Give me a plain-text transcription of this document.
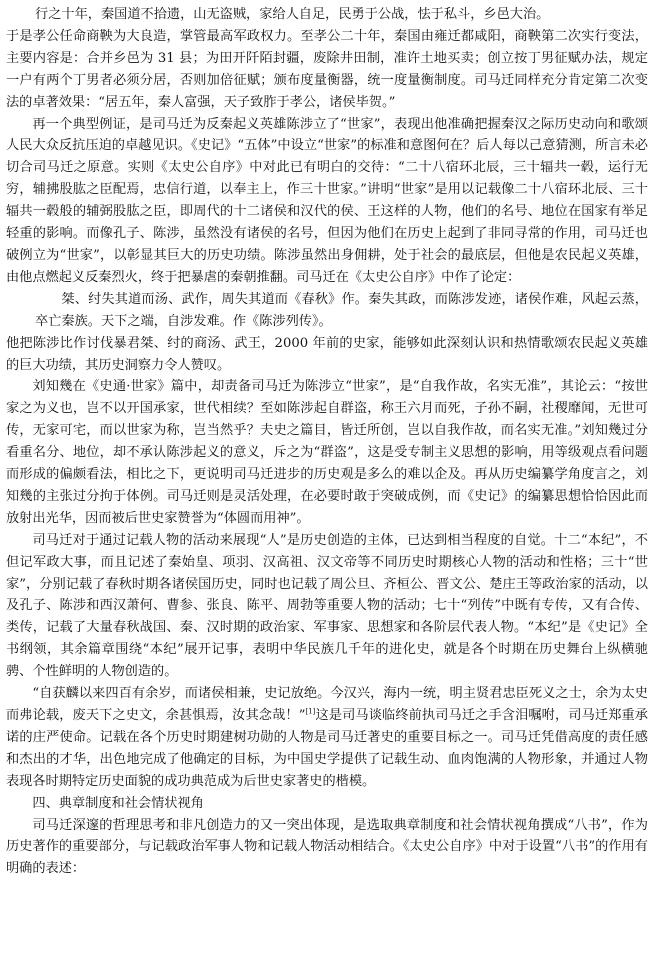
行之十年，秦国道不拾遗，山无盗贼，家给人自足，民勇于公战，怯于私斗，乡邑大治。

于是孝公任命商鞅为大良造，掌管最高军政权力。至孝公二十年，秦国由雍迁都咸阳，商鞅第二次实行变法，主要内容是：合并乡邑为 31 县；为田开阡陌封疆，废除井田制，准许土地买卖；创立按丁男征赋办法，规定一户有两个丁男者必须分居，否则加倍征赋；颁布度量衡器，统一度量衡制度。司马迁同样充分肯定第二次变法的卓著效果：“居五年，秦人富强，天子致胙于孝公，诸侯毕贺。”

再一个典型例证，是司马迁为反秦起义英雄陈涉立了“世家”，表现出他准确把握秦汉之际历史动向和歌颂人民大众反抗压迫的卓越见识。《史记》“五体”中设立“世家”的标准和意图何在？后人每以己意猜测，所言未必切合司马迁之原意。实则《太史公自序》中对此已有明白的交待：“二十八宿环北辰，三十辐共一毂，运行无穷，辅拂股肱之臣配焉，忠信行道，以奉主上，作三十世家。”讲明“世家”是用以记载像二十八宿环北辰、三十辐共一毂般的辅弼股肱之臣，即周代的十二诸侯和汉代的侯、王这样的人物，他们的名号、地位在国家有举足轻重的影响。而像孔子、陈涉，虽然没有诸侯的名号，但因为他们在历史上起到了非同寻常的作用，司马迁也破例立为“世家”，以彰显其巨大的历史功绩。陈涉虽然出身佣耕，处于社会的最底层，但他是农民起义英雄，由他点燃起义反秦烈火，终于把暴虐的秦朝推翻。司马迁在《太史公自序》中作了论定：

桀、纣失其道而汤、武作，周失其道而《春秋》作。秦失其政，而陈涉发迹，诸侯作难，风起云蒸，卒亡秦族。天下之端，自涉发难。作《陈涉列传》。

他把陈涉比作讨伐暴君桀、纣的商汤、武王，2000 年前的史家，能够如此深刻认识和热情歌颂农民起义英雄的巨大功绩，其历史洞察力令人赞叹。

刘知幾在《史通·世家》篇中，却责备司马迁为陈涉立“世家”，是“自我作故，名实无准”，其论云：“按世家之为义也，岂不以开国承家，世代相续？至如陈涉起自群盗，称王六月而死，子孙不嗣，社稷靡闻，无世可传，无家可宅，而以世家为称，岂当然乎？夫史之篇目，皆迁所创，岂以自我作故，而名实无准。”刘知幾过分看重名分、地位，却不承认陈涉起义的意义，斥之为“群盗”，这是受专制主义思想的影响，用等级观点看问题而形成的偏颇看法，相比之下，更说明司马迁进步的历史观是多么的难以企及。再从历史编纂学角度言之，刘知幾的主张过分拘于体例。司马迁则是灵活处理，在必要时敢于突破成例，而《史记》的编纂思想恰恰因此而放射出光华，因而被后世史家赞誉为“体圆而用神”。

司马迁对于通过记载人物的活动来展现“人”是历史创造的主体，已达到相当程度的自觉。十二“本纪”，不但记军政大事，而且记述了秦始皇、项羽、汉高祖、汉文帝等不同历史时期核心人物的活动和性格；三十“世家”，分别记载了春秋时期各诸侯国历史，同时也记载了周公旦、齐桓公、晋文公、楚庄王等政治家的活动，以及孔子、陈涉和西汉萧何、曹参、张良、陈平、周勃等重要人物的活动；七十“列传”中既有专传，又有合传、类传，记载了大量春秋战国、秦、汉时期的政治家、军事家、思想家和各阶层代表人物。“本纪”是《史记》全书纲领，其余篇章围绕“本纪”展开记事，表明中华民族几千年的进化史，就是各个时期在历史舞台上纵横驰骋、个性鲜明的人物创造的。

“自获麟以来四百有余岁，而诸侯相兼，史记放绝。今汉兴，海内一统，明主贤君忠臣死义之士，余为太史而弗论载，废天下之史文，余甚惧焉，汝其念哉！”[1]这是司马谈临终前执司马迁之手含泪嘱咐，司马迁郑重承诺的庄严使命。记载在各个历史时期建树功勋的人物是司马迁著史的重要目标之一。司马迁凭借高度的责任感和杰出的才华，出色地完成了他确定的目标，为中国史学提供了记载生动、血肉饱满的人物形象，并通过人物表现各时期特定历史面貌的成功典范成为后世史家著史的楷模。

四、典章制度和社会情状视角

司马迁深邃的哲理思考和非凡创造力的又一突出体现，是选取典章制度和社会情状视角撰成“八书”，作为历史著作的重要部分，与记载政治军事人物和记载人物活动相结合。《太史公自序》中对于设置“八书”的作用有明确的表述：
